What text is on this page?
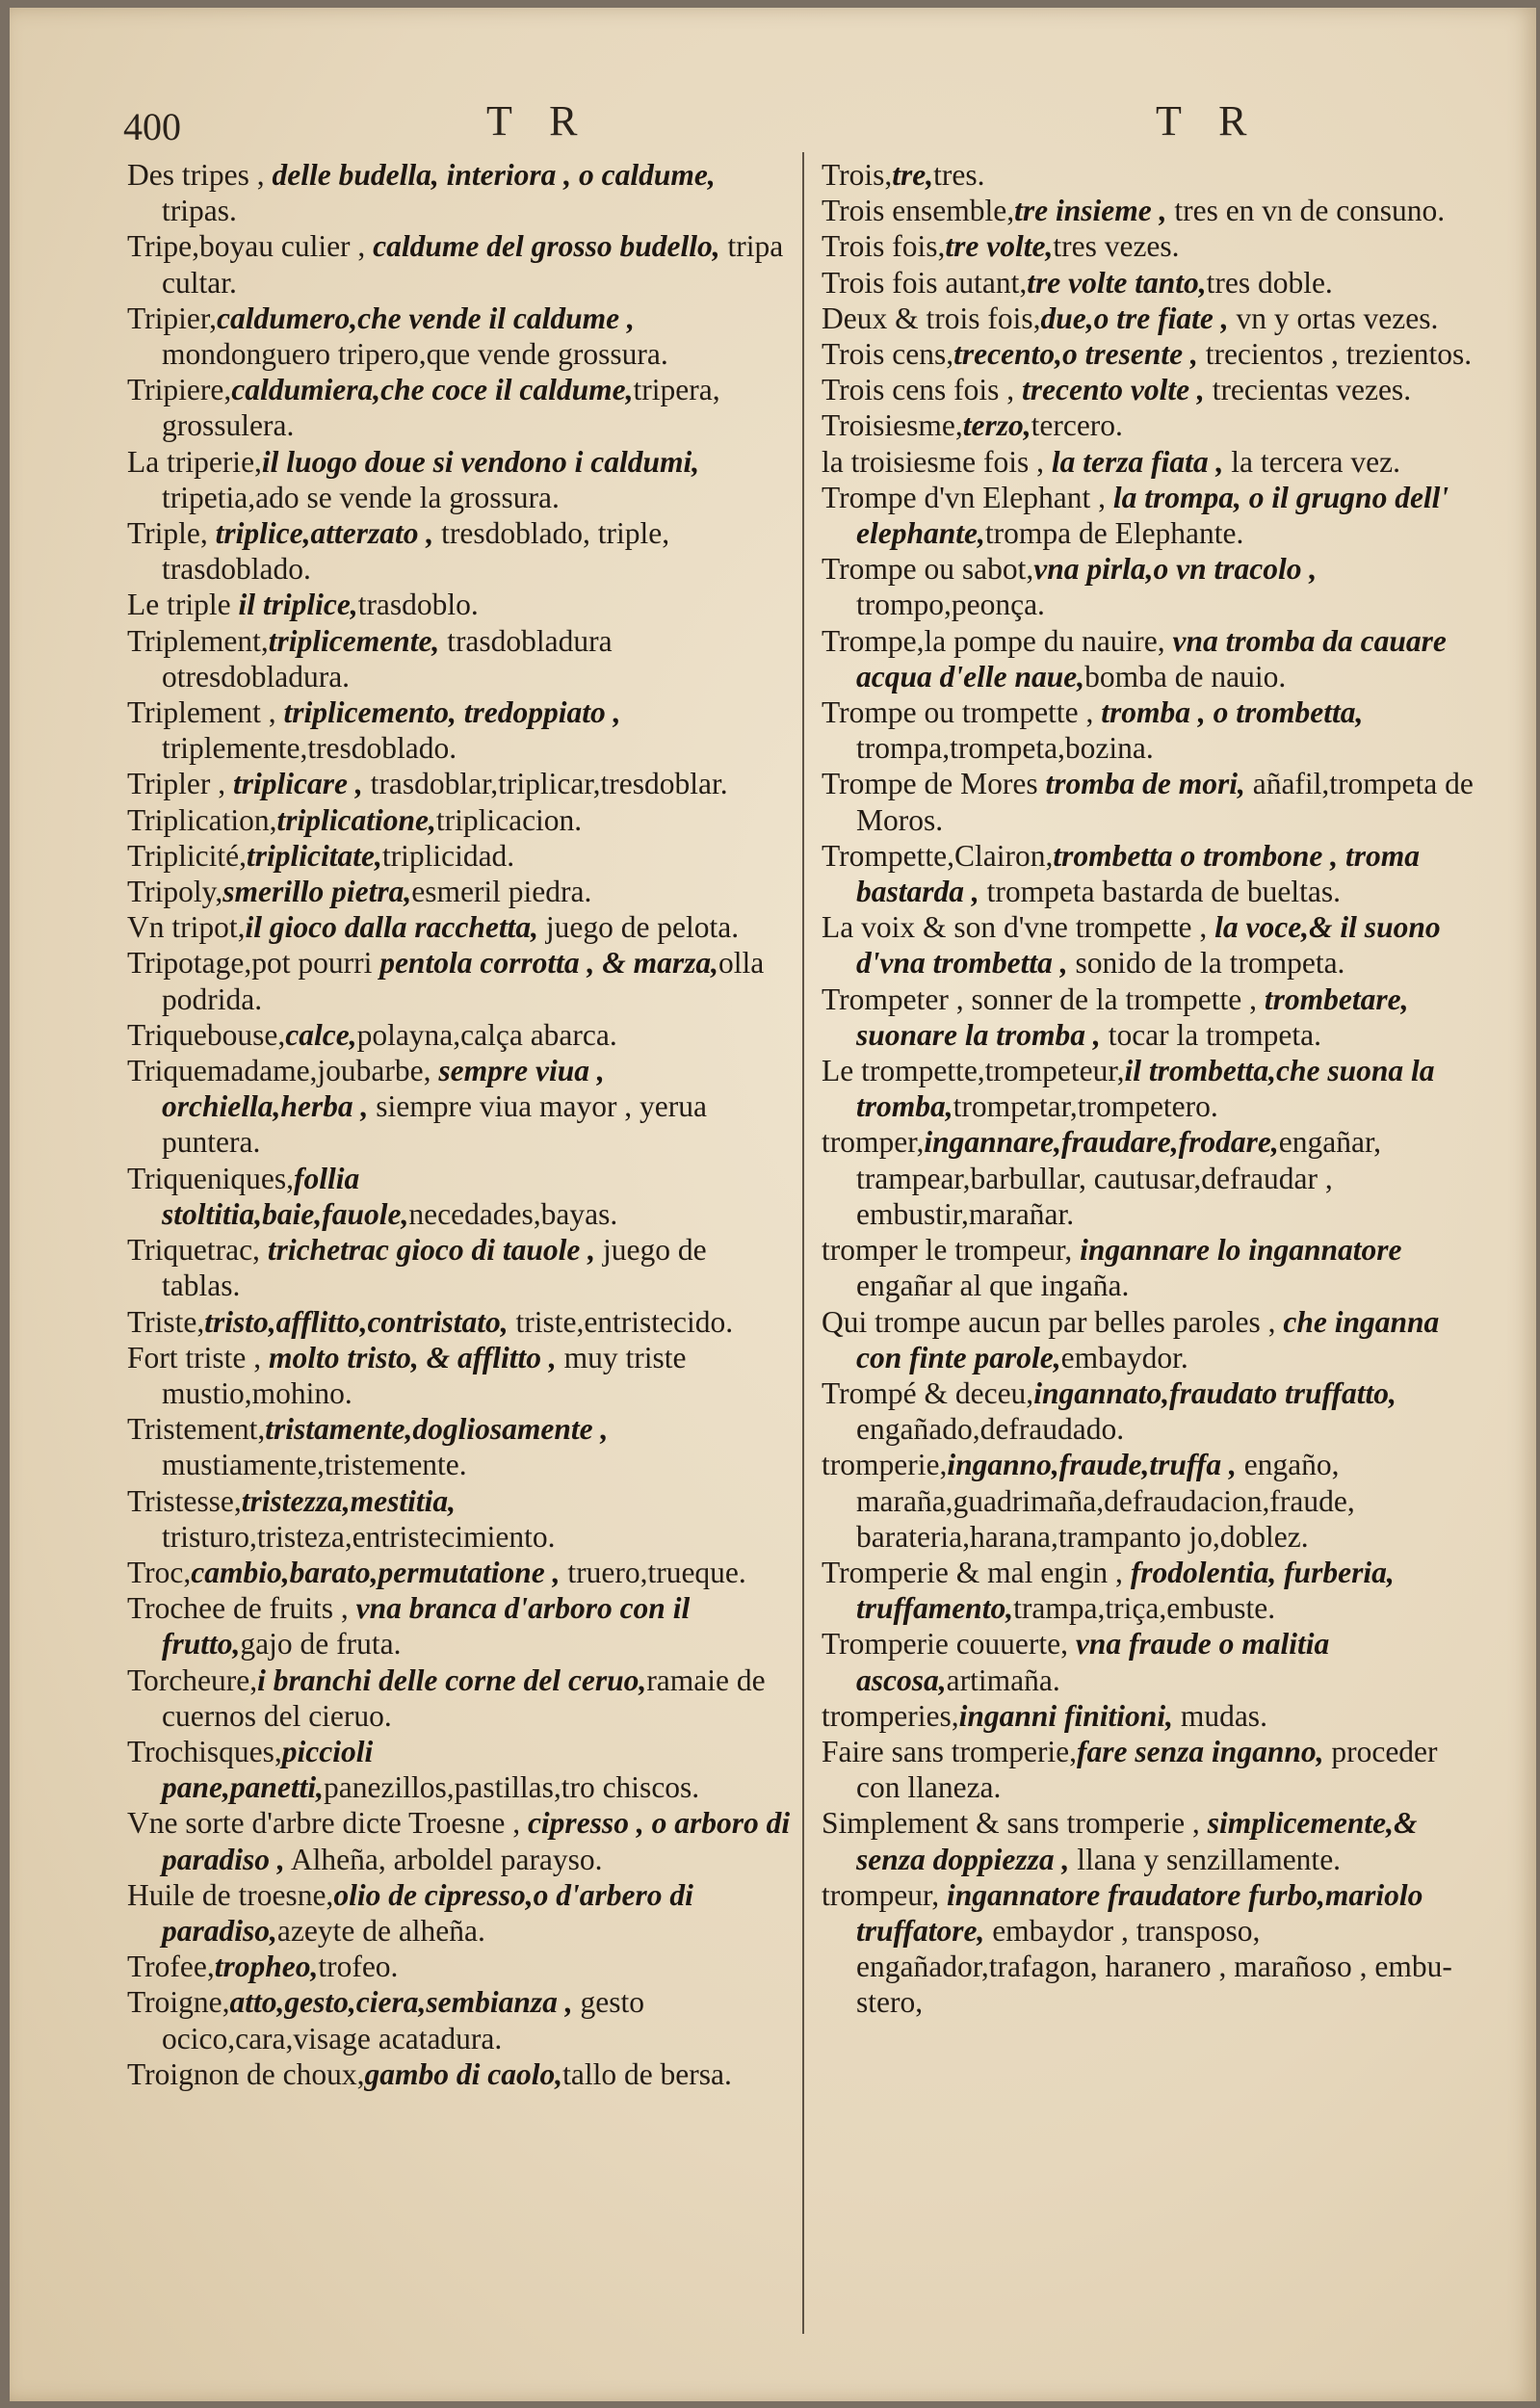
400	T R	T R

Des tripes , delle budella, interiora , o caldume, tripas.

Tripe,boyau culier , caldume del grosso budello, tripa cultar.

Tripier,caldumero,che vende il caldume , mondonguero tripero,que vende grossura.

Tripiere,caldumiera,che coce il caldume,tripera, grossulera.

La triperie,il luogo doue si vendono i caldumi, tripetia,ado se vende la grossura.

Triple, triplice,atterzato , tresdoblado, triple, trasdoblado.

Le triple il triplice,trasdoblo.

Triplement,triplicemente, trasdobladura otresdobladura.

Triplement , triplicemento, tredoppiato , triplemente,tresdoblado.

Tripler , triplicare , trasdoblar,triplicar,tresdoblar.

Triplication,triplicatione,triplicacion.

Triplicité,triplicitate,triplicidad.

Tripoly,smerillo pietra,esmeril piedra.

Vn tripot,il gioco dalla racchetta, juego de pelota.

Tripotage,pot pourri pentola corrotta , & marza,olla podrida.

Triquebouse,calce,polayna,calça abarca.

Triquemadame,joubarbe, sempre viua , orchiella,herba , siempre viua mayor , yerua puntera.

Triqueniques,follia stoltitia,baie,fauole,necedades,bayas.

Triquetrac, trichetrac gioco di tauole , juego de tablas.

Triste,tristo,afflitto,contristato, triste,entristecido.

Fort triste , molto tristo, & afflitto , muy triste mustio,mohino.

Tristement,tristamente,dogliosamente , mustiamente,tristemente.

Tristesse,tristezza,mestitia, tristuro,tristeza,entristecimiento.

Troc,cambio,barato,permutatione , truero,trueque.

Trochee de fruits , vna branca d'arboro con il frutto,gajo de fruta.

Torcheure,i branchi delle corne del ceruo,ramaie de cuernos del cieruo.

Trochisques,piccioli pane,panetti,panezillos,pastillas,tro chiscos.

Vne sorte d'arbre dicte Troesne , cipresso , o arboro di paradiso , Alheña, arboldel parayso.

Huile de troesne,olio de cipresso,o d'arbero di paradiso,azeyte de alheña.

Trofee,tropheo,trofeo.

Troigne,atto,gesto,ciera,sembianza , gesto ocico,cara,visage acatadura.

Troignon de choux,gambo di caolo,tallo de bersa.

Trois,tre,tres.

Trois ensemble,tre insieme , tres en vn de consuno.

Trois fois,tre volte,tres vezes.

Trois fois autant,tre volte tanto,tres doble.

Deux & trois fois,due,o tre fiate , vn y ortas vezes.

Trois cens,trecento,o tresente , trecientos , trezientos.

Trois cens fois , trecento volte , trecientas vezes.

Troisiesme,terzo,tercero.

la troisiesme fois , la terza fiata , la tercera vez.

Trompe d'vn Elephant , la trompa, o il grugno dell' elephante,trompa de Elephante.

Trompe ou sabot,vna pirla,o vn tracolo , trompo,peonça.

Trompe,la pompe du nauire, vna tromba da cauare acqua d'elle naue,bomba de nauio.

Trompe ou trompette , tromba , o trombetta, trompa,trompeta,bozina.

Trompe de Mores tromba de mori, añafil,trompeta de Moros.

Trompette,Clairon,trombetta o trombone , troma bastarda , trompeta bastarda de bueltas.

La voix & son d'vne trompette , la voce,& il suono d'vna trombetta , sonido de la trompeta.

Trompeter , sonner de la trompette , trombetare, suonare la tromba , tocar la trompeta.

Le trompette,trompeteur,il trombetta,che suona la tromba,trompetar,trompetero.

tromper,ingannare,fraudare,frodare,engañar, trampear,barbullar, cautusar,defraudar , embustir,marañar.

tromper le trompeur, ingannare lo ingannatore engañar al que ingaña.

Qui trompe aucun par belles paroles , che inganna con finte parole,embaydor.

Trompé & deceu,ingannato,fraudato truffatto, engañado,defraudado.

tromperie,inganno,fraude,truffa , engaño, maraña,guadrimaña,defraudacion,fraude, barateria,harana,trampanto jo,doblez.

Tromperie & mal engin , frodolentia, furberia, truffamento,trampa,triça,embuste.

Tromperie couuerte, vna fraude o malitia ascosa,artimaña.

tromperies,inganni finitioni, mudas.

Faire sans tromperie,fare senza inganno, proceder con llaneza.

Simplement & sans tromperie , simplicemente,& senza doppiezza , llana y senzillamente.

trompeur, ingannatore fraudatore furbo,mariolo truffatore, embaydor , transposo, engañador,trafagon, haranero , marañoso , embu-stero,
